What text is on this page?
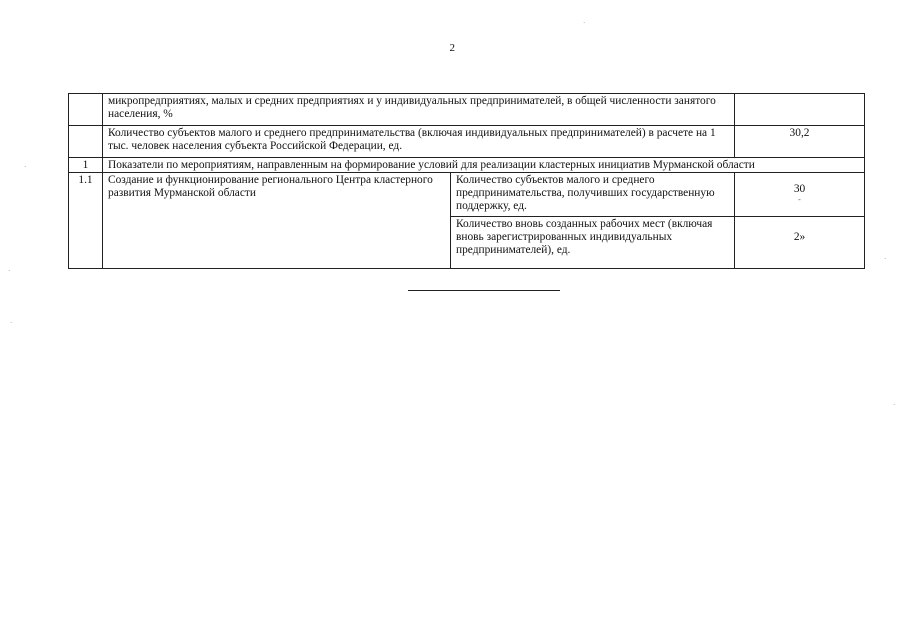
2
	микропредприятиях, малых и средних предприятиях и у индивидуальных предпринимателей, в общей численности занятого населения, %		
	Количество субъектов малого и среднего предпринимательства (включая индивидуальных предпринимателей) в расчете на 1 тыс. человек населения субъекта Российской Федерации, ед.		30,2
1	Показатели по мероприятиям, направленным на формирование условий для реализации кластерных инициатив Мурманской области		
1.1	Создание и функционирование регионального Центра кластерного развития Мурманской области	Количество субъектов малого и среднего предпринимательства, получивших государственную поддержку, ед.	30
-

		Количество вновь созданных рабочих мест (включая вновь зарегистрированных индивидуальных предпринимателей), ед.	2»
·
·
·
·
·
·
